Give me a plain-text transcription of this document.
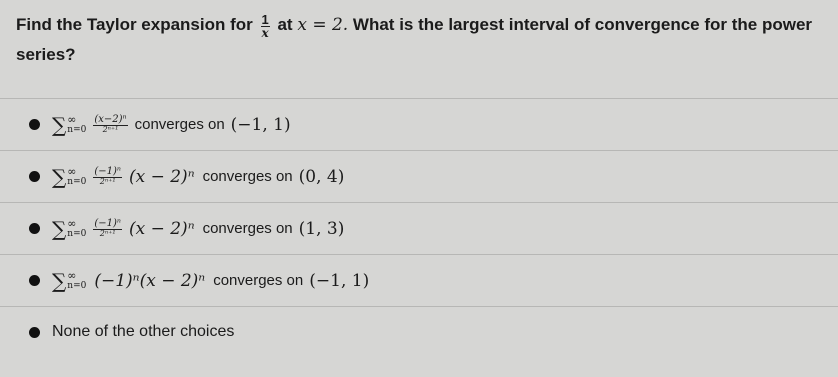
Find the Taylor expansion for $\frac{1}{x}$ at x = 2. What is the largest interval of convergence for the power series?
∑ ∞
$n=0 \frac{\text{(x−2)ⁿ}}{\text{2ⁿ⁺¹}}$ converges on (−1, 1)
∑ ∞
$n=0 \frac{\text{(−1)ⁿ}}{\text{2ⁿ⁺¹}} (x - 2)^n$ converges on (0, 4)
∑ ∞
$n=0 \frac{\text{(−1)ⁿ}}{\text{2ⁿ⁺¹}} (x - 2)^n$ converges on (1, 3)
∑ ∞
n=0 (−1)ⁿ(x − 2)ⁿ converges on (−1, 1)
None of the other choices
